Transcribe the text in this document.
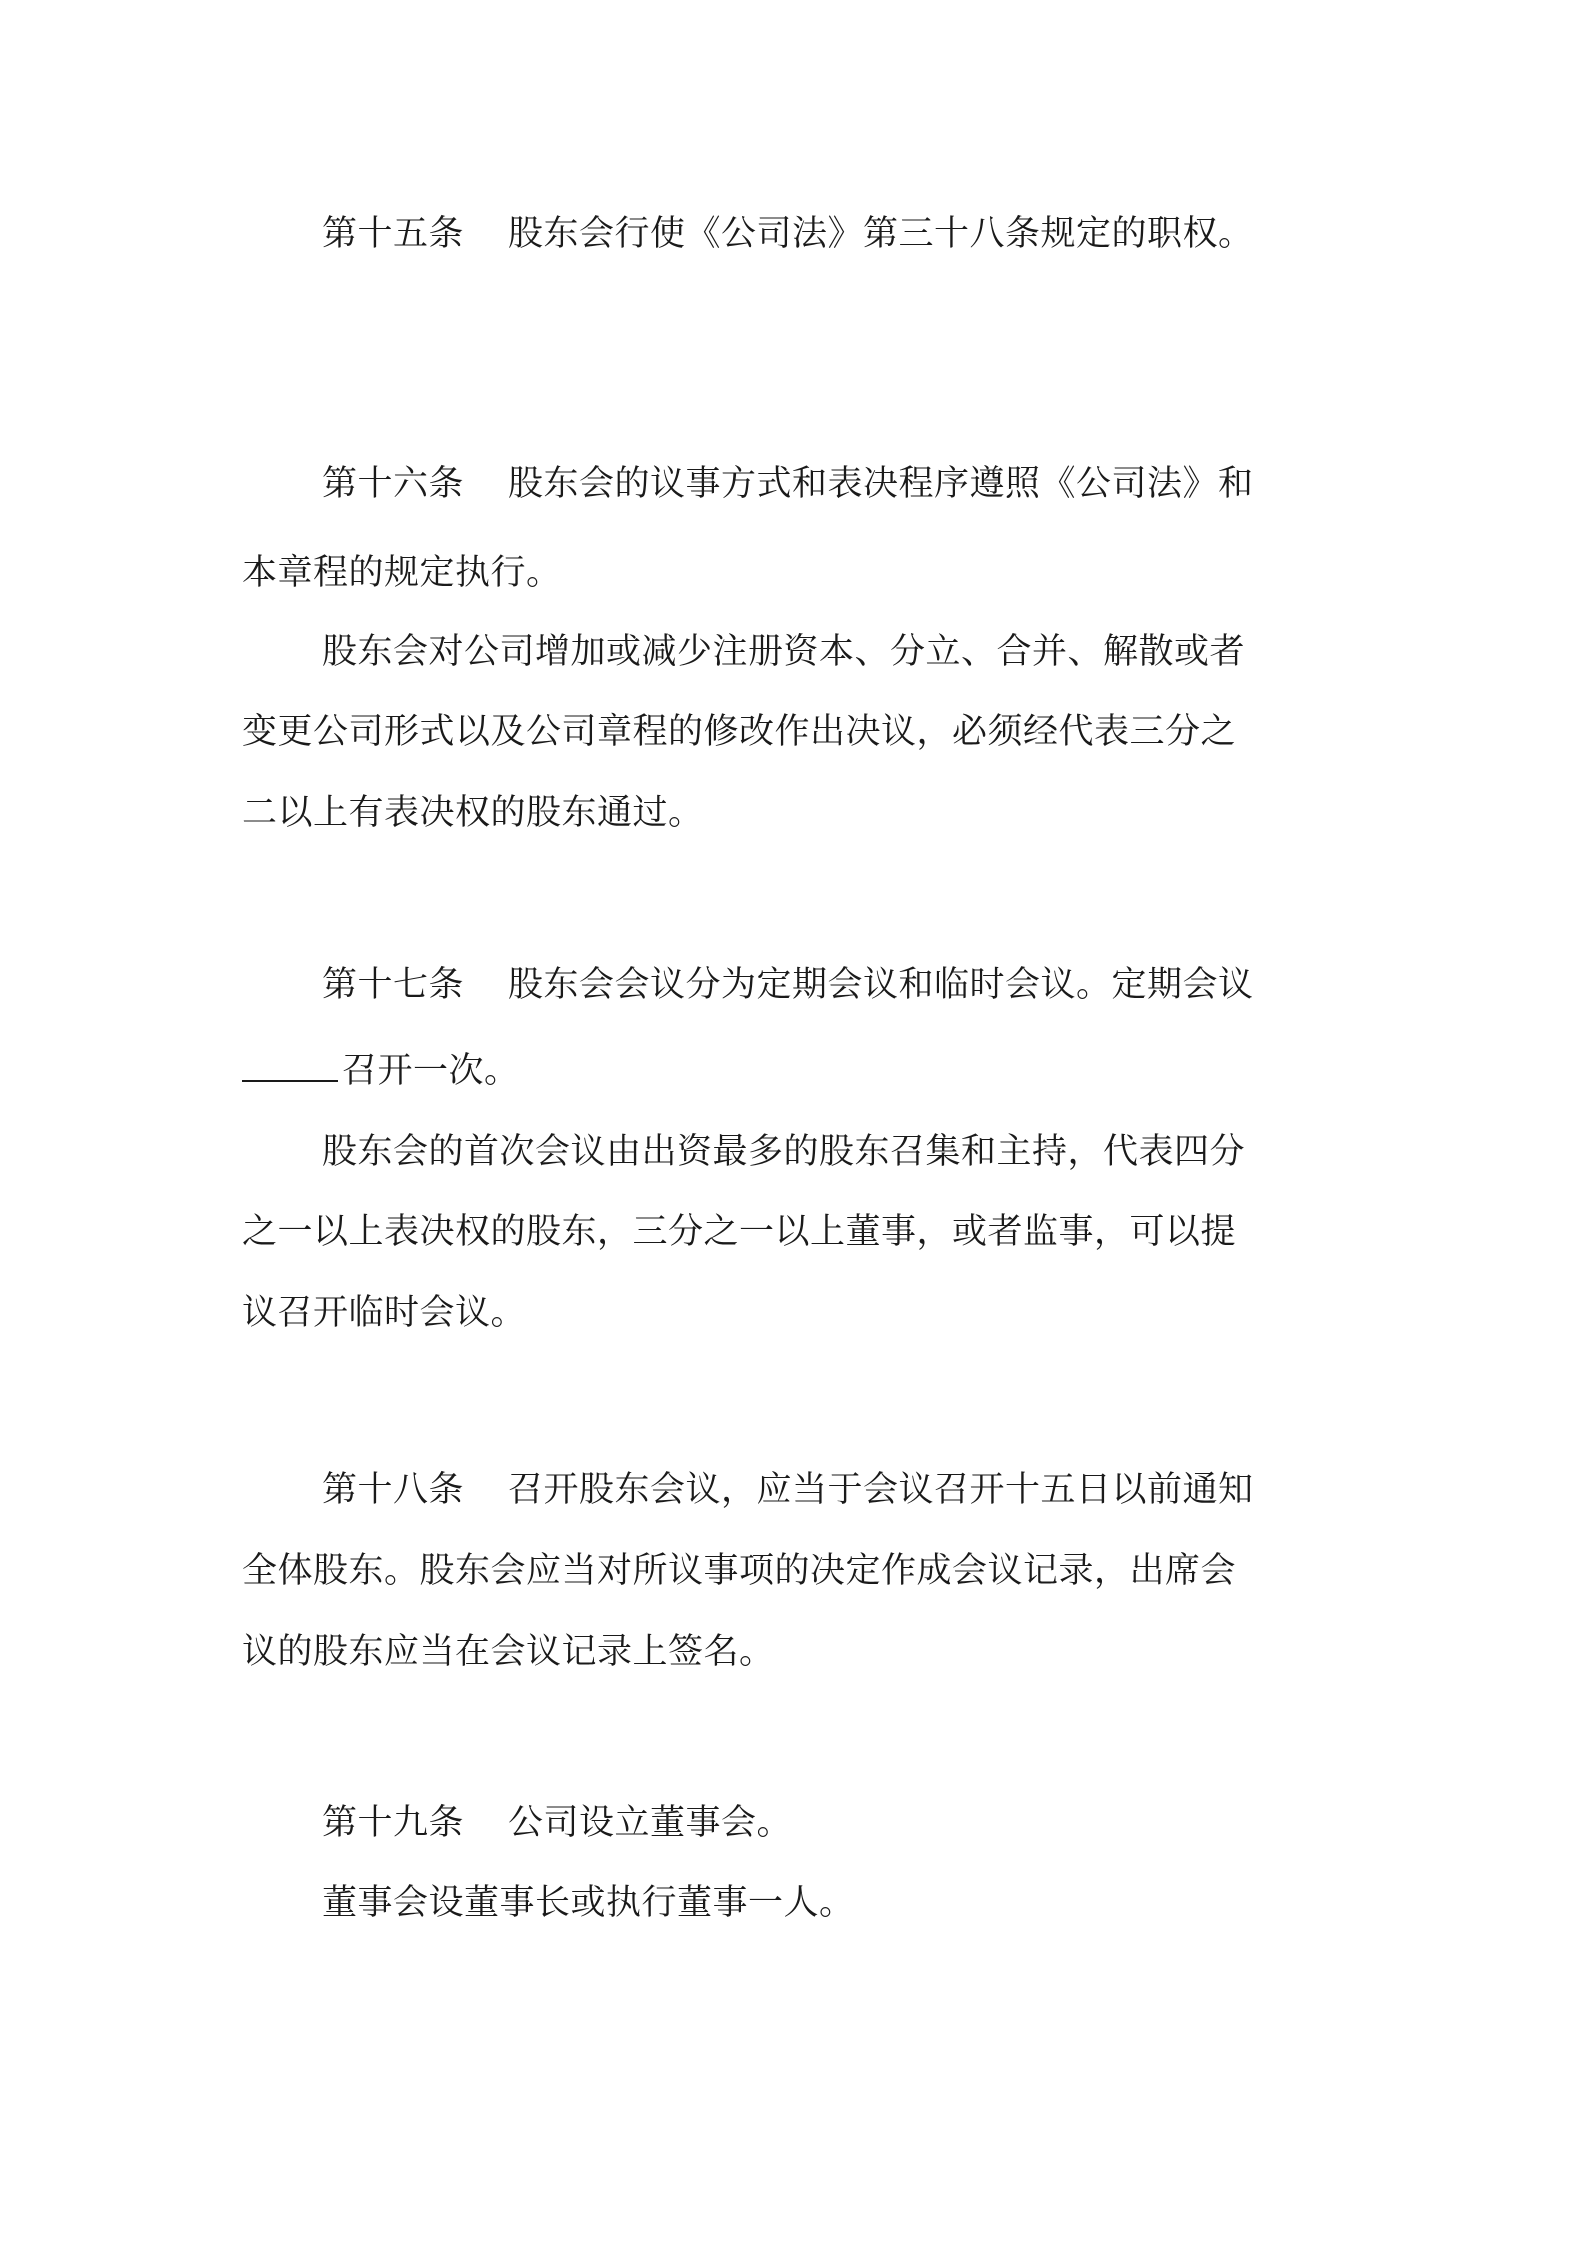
第十五条 股东会行使《公司法》第三十八条规定的职权。
第十六条 股东会的议事方式和表决程序遵照《公司法》和
本章程的规定执行。
股东会对公司增加或减少注册资本、分立、合并、解散或者
变更公司形式以及公司章程的修改作出决议，必须经代表三分之
二以上有表决权的股东通过。
第十七条 股东会会议分为定期会议和临时会议。定期会议
召开一次。
股东会的首次会议由出资最多的股东召集和主持，代表四分
之一以上表决权的股东，三分之一以上董事，或者监事，可以提
议召开临时会议。
第十八条 召开股东会议，应当于会议召开十五日以前通知
全体股东。股东会应当对所议事项的决定作成会议记录，出席会
议的股东应当在会议记录上签名。
第十九条 公司设立董事会。
董事会设董事长或执行董事一人。
